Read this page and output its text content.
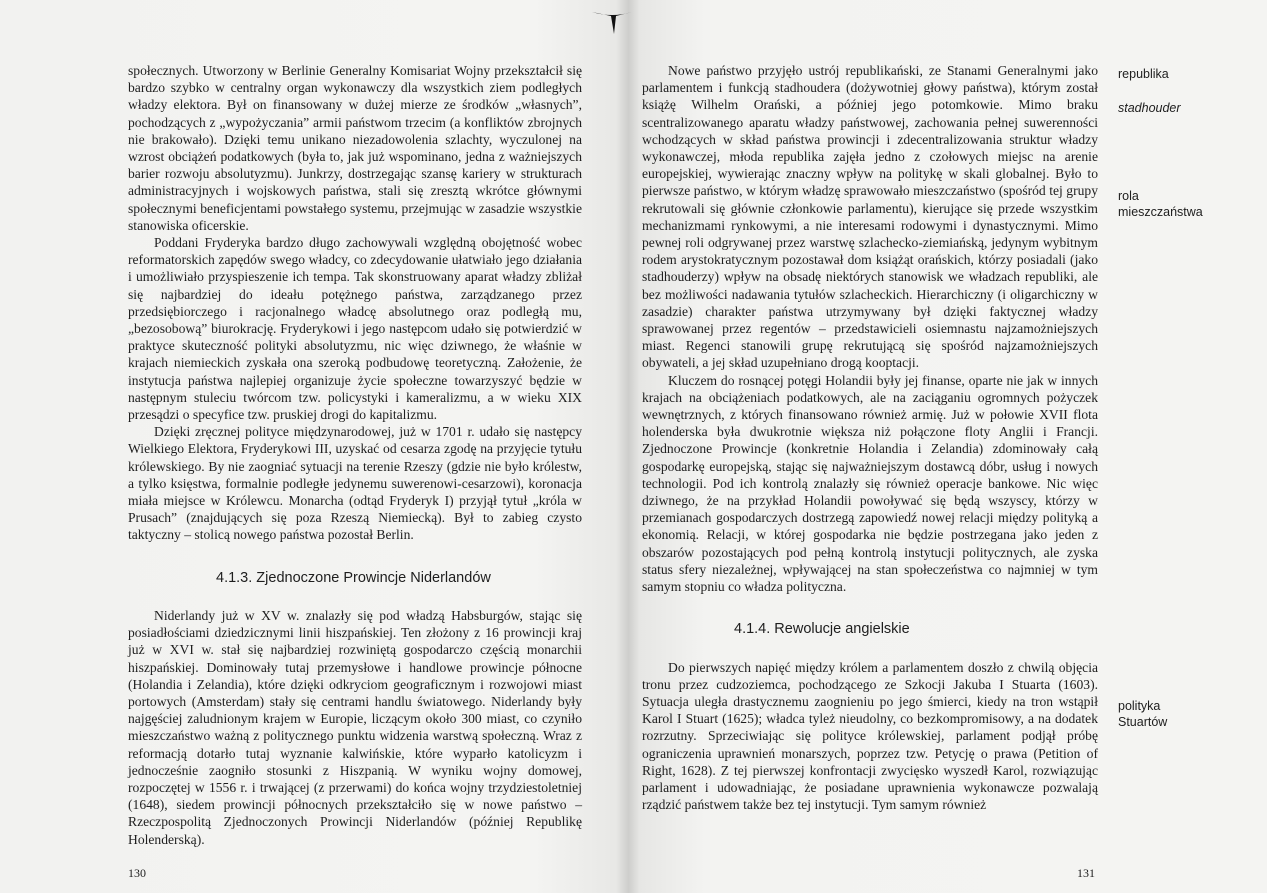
społecznych. Utworzony w Berlinie Generalny Komisariat Wojny przekształcił się bardzo szybko w centralny organ wykonawczy dla wszystkich ziem podległych władzy elektora. Był on finansowany w dużej mierze ze środków „własnych”, pochodzących z „wypożyczania” armii państwom trzecim (a konfliktów zbrojnych nie brakowało). Dzięki temu unikano niezadowolenia szlachty, wyczulonej na wzrost obciążeń podatkowych (była to, jak już wspominano, jedna z ważniejszych barier rozwoju absolutyzmu). Junkrzy, dostrzegając szansę kariery w strukturach administracyjnych i wojskowych państwa, stali się zresztą wkrótce głównymi społecznymi beneficjentami powstałego systemu, przejmując w zasadzie wszystkie stanowiska oficerskie.

Poddani Fryderyka bardzo długo zachowywali względną obojętność wobec reformatorskich zapędów swego władcy, co zdecydowanie ułatwiało jego działania i umożliwiało przyspieszenie ich tempa. Tak skonstruowany aparat władzy zbliżał się najbardziej do ideału potężnego państwa, zarządzanego przez przedsiębiorczego i racjonalnego władcę absolutnego oraz podległą mu, „bezosobową” biurokrację. Fryderykowi i jego następcom udało się potwierdzić w praktyce skuteczność polityki absolutyzmu, nic więc dziwnego, że właśnie w krajach niemieckich zyskała ona szeroką podbudowę teoretyczną. Założenie, że instytucja państwa najlepiej organizuje życie społeczne towarzyszyć będzie w następnym stuleciu twórcom tzw. policystyki i kameralizmu, a w wieku XIX przesądzi o specyfice tzw. pruskiej drogi do kapitalizmu.

Dzięki zręcznej polityce międzynarodowej, już w 1701 r. udało się następcy Wielkiego Elektora, Fryderykowi III, uzyskać od cesarza zgodę na przyjęcie tytułu królewskiego. By nie zaogniać sytuacji na terenie Rzeszy (gdzie nie było królestw, a tylko księstwa, formalnie podległe jedynemu suwerenowi-cesarzowi), koronacja miała miejsce w Królewcu. Monarcha (odtąd Fryderyk I) przyjął tytuł „króla w Prusach” (znajdujących się poza Rzeszą Niemiecką). Był to zabieg czysto taktyczny – stolicą nowego państwa pozostał Berlin.

4.1.3. Zjednoczone Prowincje Niderlandów

Niderlandy już w XV w. znalazły się pod władzą Habsburgów, stając się posiadłościami dziedzicznymi linii hiszpańskiej. Ten złożony z 16 prowincji kraj już w XVI w. stał się najbardziej rozwiniętą gospodarczo częścią monarchii hiszpańskiej. Dominowały tutaj przemysłowe i handlowe prowincje północne (Holandia i Zelandia), które dzięki odkryciom geograficznym i rozwojowi miast portowych (Amsterdam) stały się centrami handlu światowego. Niderlandy były najgęściej zaludnionym krajem w Europie, liczącym około 300 miast, co czyniło mieszczaństwo ważną z politycznego punktu widzenia warstwą społeczną. Wraz z reformacją dotarło tutaj wyznanie kalwińskie, które wyparło katolicyzm i jednocześnie zaogniło stosunki z Hiszpanią. W wyniku wojny domowej, rozpoczętej w 1556 r. i trwającej (z przerwami) do końca wojny trzydziestoletniej (1648), siedem prowincji północnych przekształciło się w nowe państwo – Rzeczpospolitą Zjednoczonych Prowincji Niderlandów (później Republikę Holenderską).

130

Nowe państwo przyjęło ustrój republikański, ze Stanami Generalnymi jako parlamentem i funkcją stadhoudera (dożywotniej głowy państwa), którym został książę Wilhelm Orański, a później jego potomkowie. Mimo braku scentralizowanego aparatu władzy państwowej, zachowania pełnej suwerenności wchodzących w skład państwa prowincji i zdecentralizowania struktur władzy wykonawczej, młoda republika zajęła jedno z czołowych miejsc na arenie europejskiej, wywierając znaczny wpływ na politykę w skali globalnej. Było to pierwsze państwo, w którym władzę sprawowało mieszczaństwo (spośród tej grupy rekrutowali się głównie członkowie parlamentu), kierujące się przede wszystkim mechanizmami rynkowymi, a nie interesami rodowymi i dynastycznymi. Mimo pewnej roli odgrywanej przez warstwę szlachecko-ziemiańską, jedynym wybitnym rodem arystokratycznym pozostawał dom książąt orańskich, którzy posiadali (jako stadhouderzy) wpływ na obsadę niektórych stanowisk we władzach republiki, ale bez możliwości nadawania tytułów szlacheckich. Hierarchiczny (i oligarchiczny w zasadzie) charakter państwa utrzymywany był dzięki faktycznej władzy sprawowanej przez regentów – przedstawicieli osiemnastu najzamożniejszych miast. Regenci stanowili grupę rekrutującą się spośród najzamożniejszych obywateli, a jej skład uzupełniano drogą kooptacji.

Kluczem do rosnącej potęgi Holandii były jej finanse, oparte nie jak w innych krajach na obciążeniach podatkowych, ale na zaciąganiu ogromnych pożyczek wewnętrznych, z których finansowano również armię. Już w połowie XVII flota holenderska była dwukrotnie większa niż połączone floty Anglii i Francji. Zjednoczone Prowincje (konkretnie Holandia i Zelandia) zdominowały całą gospodarkę europejską, stając się najważniejszym dostawcą dóbr, usług i nowych technologii. Pod ich kontrolą znalazły się również operacje bankowe. Nic więc dziwnego, że na przykład Holandii powoływać się będą wszyscy, którzy w przemianach gospodarczych dostrzegą zapowiedź nowej relacji między polityką a ekonomią. Relacji, w której gospodarka nie będzie postrzegana jako jeden z obszarów pozostających pod pełną kontrolą instytucji politycznych, ale zyska status sfery niezależnej, wpływającej na stan społeczeństwa co najmniej w tym samym stopniu co władza polityczna.

4.1.4. Rewolucje angielskie

Do pierwszych napięć między królem a parlamentem doszło z chwilą objęcia tronu przez cudzoziemca, pochodzącego ze Szkocji Jakuba I Stuarta (1603). Sytuacja uległa drastycznemu zaognieniu po jego śmierci, kiedy na tron wstąpił Karol I Stuart (1625); władca tyleż nieudolny, co bezkompromisowy, a na dodatek rozrzutny. Sprzeciwiając się polityce królewskiej, parlament podjął próbę ograniczenia uprawnień monarszych, poprzez tzw. Petycję o prawa (Petition of Right, 1628). Z tej pierwszej konfrontacji zwycięsko wyszedł Karol, rozwiązując parlament i udowadniając, że posiadane uprawnienia wykonawcze pozwalają rządzić państwem także bez tej instytucji. Tym samym również

republika
stadhouder
rola
mieszczaństwa
polityka
Stuartów
131
